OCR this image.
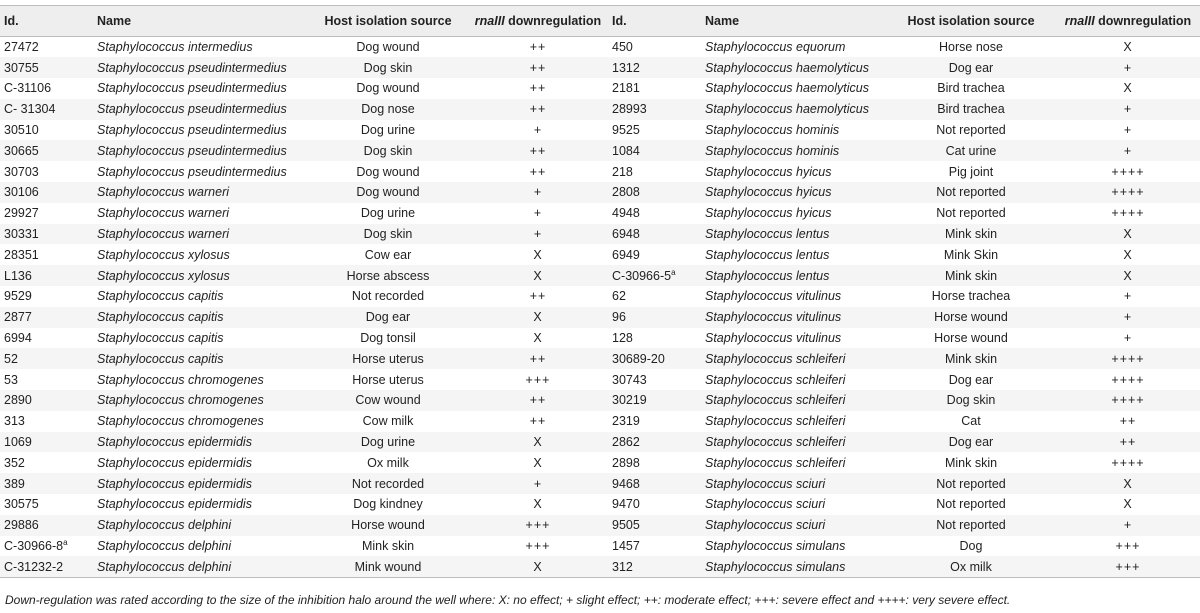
Id.	Name	Host isolation source	rnaIII downregulation	Id.	Name	Host isolation source	rnaIII downregulation
27472	Staphylococcus intermedius	Dog wound	++	450	Staphylococcus equorum	Horse nose	X
30755	Staphylococcus pseudintermedius	Dog skin	++	1312	Staphylococcus haemolyticus	Dog ear	+
C-31106	Staphylococcus pseudintermedius	Dog wound	++	2181	Staphylococcus haemolyticus	Bird trachea	X
C- 31304	Staphylococcus pseudintermedius	Dog nose	++	28993	Staphylococcus haemolyticus	Bird trachea	+
30510	Staphylococcus pseudintermedius	Dog urine	+	9525	Staphylococcus hominis	Not reported	+
30665	Staphylococcus pseudintermedius	Dog skin	++	1084	Staphylococcus hominis	Cat urine	+
30703	Staphylococcus pseudintermedius	Dog wound	++	218	Staphylococcus hyicus	Pig joint	++++
30106	Staphylococcus warneri	Dog wound	+	2808	Staphylococcus hyicus	Not reported	++++
29927	Staphylococcus warneri	Dog urine	+	4948	Staphylococcus hyicus	Not reported	++++
30331	Staphylococcus warneri	Dog skin	+	6948	Staphylococcus lentus	Mink skin	X
28351	Staphylococcus xylosus	Cow ear	X	6949	Staphylococcus lentus	Mink Skin	X
L136	Staphylococcus xylosus	Horse abscess	X	C-30966-5$^a$	Staphylococcus lentus	Mink skin	X
9529	Staphylococcus capitis	Not recorded	++	62	Staphylococcus vitulinus	Horse trachea	+
2877	Staphylococcus capitis	Dog ear	X	96	Staphylococcus vitulinus	Horse wound	+
6994	Staphylococcus capitis	Dog tonsil	X	128	Staphylococcus vitulinus	Horse wound	+
52	Staphylococcus capitis	Horse uterus	++	30689-20	Staphylococcus schleiferi	Mink skin	++++
53	Staphylococcus chromogenes	Horse uterus	+++	30743	Staphylococcus schleiferi	Dog ear	++++
2890	Staphylococcus chromogenes	Cow wound	++	30219	Staphylococcus schleiferi	Dog skin	++++
313	Staphylococcus chromogenes	Cow milk	++	2319	Staphylococcus schleiferi	Cat	++
1069	Staphylococcus epidermidis	Dog urine	X	2862	Staphylococcus schleiferi	Dog ear	++
352	Staphylococcus epidermidis	Ox milk	X	2898	Staphylococcus schleiferi	Mink skin	++++
389	Staphylococcus epidermidis	Not recorded	+	9468	Staphylococcus sciuri	Not reported	X
30575	Staphylococcus epidermidis	Dog kindney	X	9470	Staphylococcus sciuri	Not reported	X
29886	Staphylococcus delphini	Horse wound	+++	9505	Staphylococcus sciuri	Not reported	+
$C-30966-8^a$	Staphylococcus delphini	Mink skin	+++	1457	Staphylococcus simulans	Dog	+++
C-31232-2	Staphylococcus delphini	Mink wound	X	312	Staphylococcus simulans	Ox milk	+++
Down-regulation was rated according to the size of the inhibition halo around the well where: X: no effect; + slight effect; ++: moderate effect; +++: severe effect and ++++: very severe effect.
